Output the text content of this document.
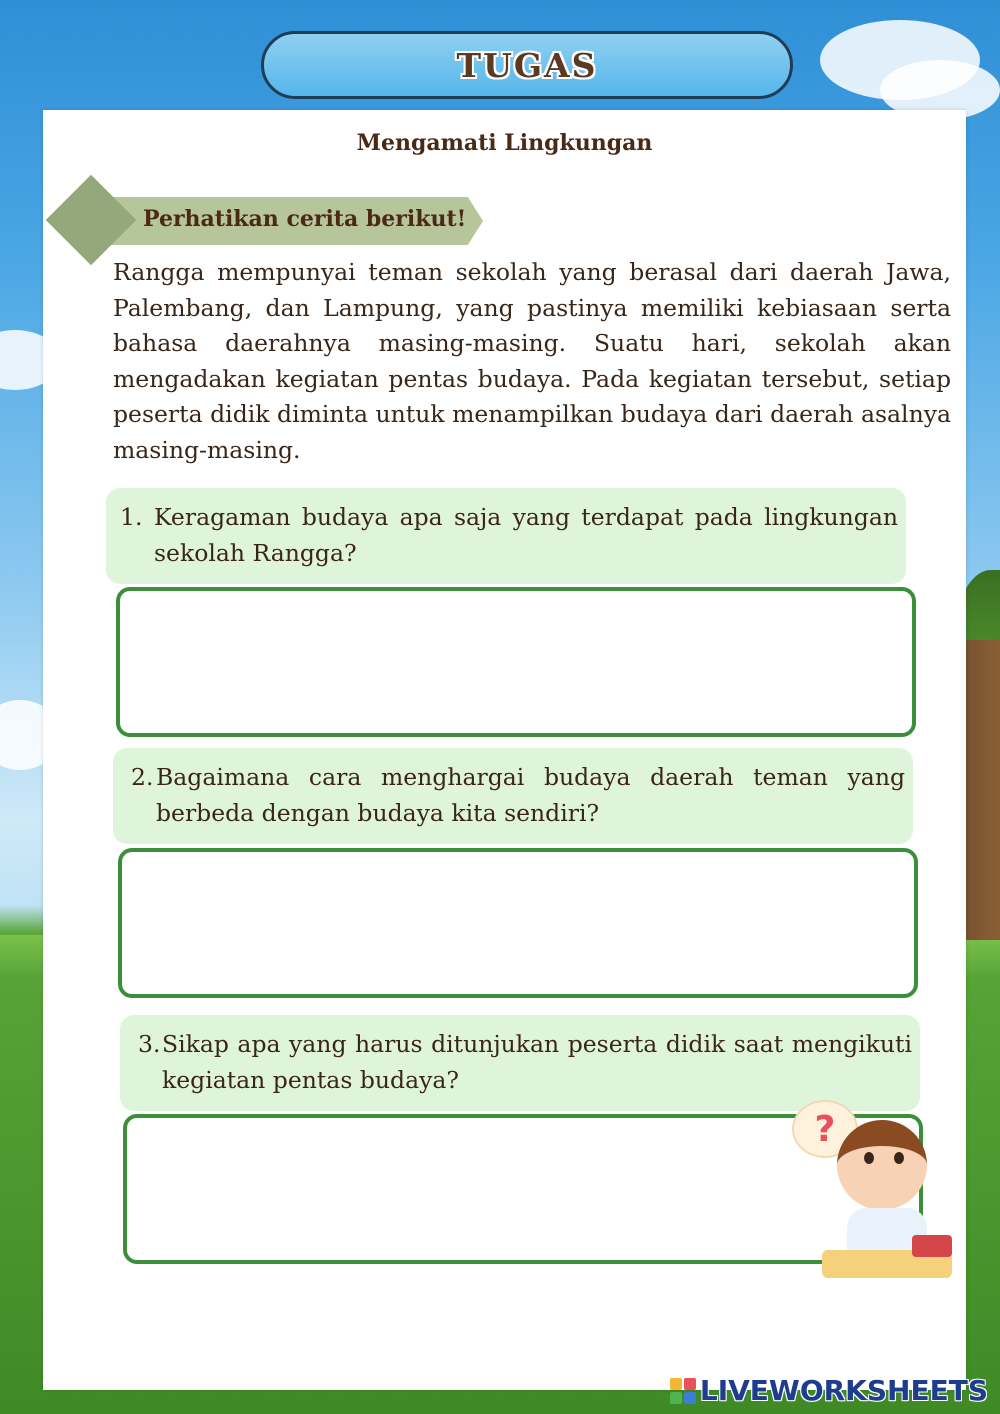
TUGAS
Mengamati Lingkungan
Perhatikan cerita berikut!

Rangga mempunyai teman sekolah yang berasal dari daerah Jawa, Palembang, dan Lampung, yang pastinya memiliki kebiasaan serta bahasa daerahnya masing-masing. Suatu hari, sekolah akan mengadakan kegiatan pentas budaya. Pada kegiatan tersebut, setiap peserta didik diminta untuk menampilkan budaya dari daerah asalnya masing-masing.

1. Keragaman budaya apa saja yang terdapat pada lingkungan sekolah Rangga?
2. Bagaimana cara menghargai budaya daerah teman yang berbeda dengan budaya kita sendiri?
3. Sikap apa yang harus ditunjukan peserta didik saat mengikuti kegiatan pentas budaya?
?
LIVEWORKSHEETS
